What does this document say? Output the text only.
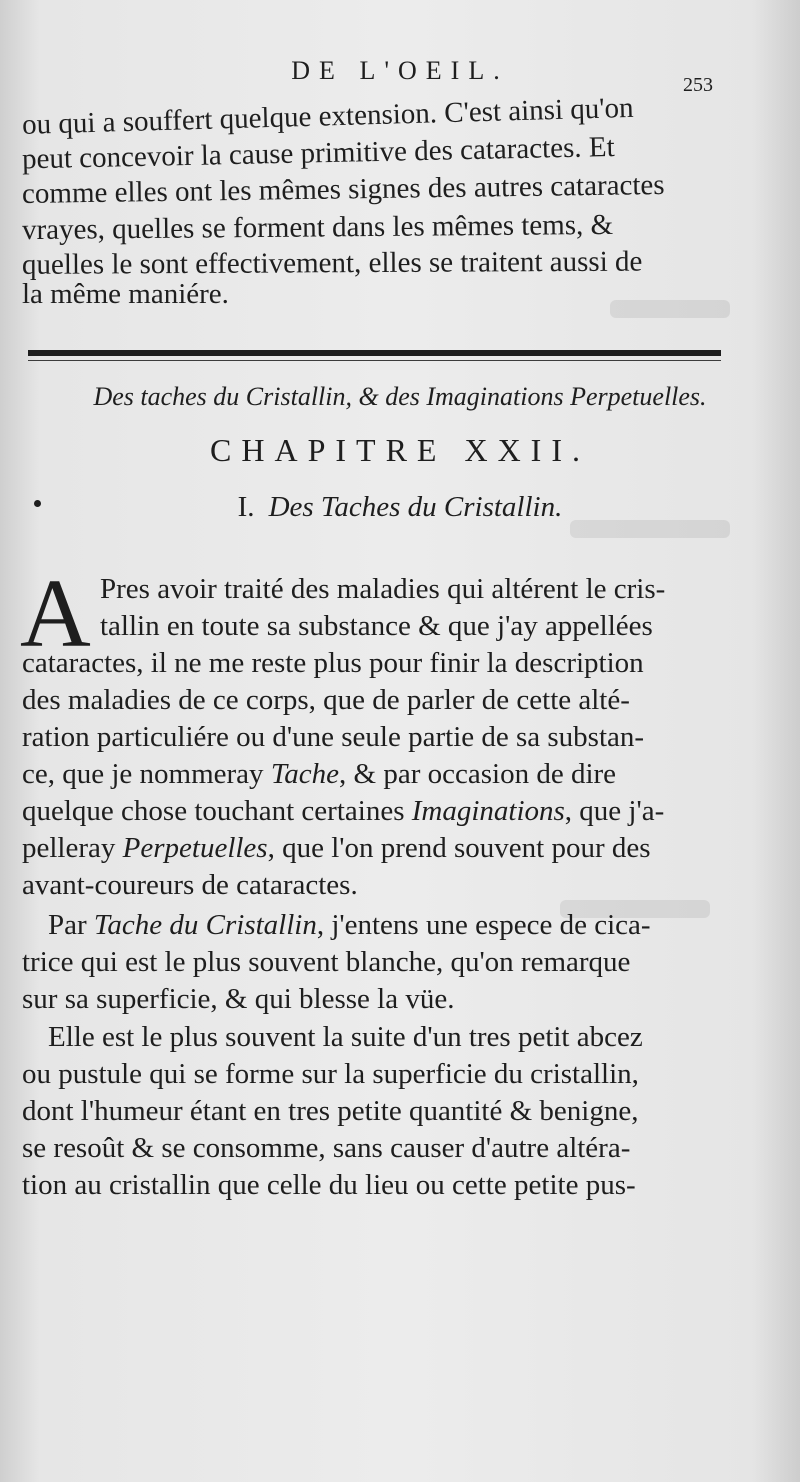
DE L'OEIL.	253
ou qui a souffert quelque extension. C'est ainsi qu'on
peut concevoir la cause primitive des cataractes. Et
comme elles ont les mêmes signes des autres cataractes
vrayes, quelles se forment dans les mêmes tems, &
quelles le sont effectivement, elles se traitent aussi de
la même maniére.
Des taches du Cristallin, & des Imaginations Perpetuelles.
CHAPITRE XXII.
I. Des Taches du Cristallin.
A Pres avoir traité des maladies qui altérent le cris-
tallin en toute sa substance & que j'ay appellées
cataractes, il ne me reste plus pour finir la description
des maladies de ce corps, que de parler de cette alté-
ration particuliére ou d'une seule partie de sa substan-
ce, que je nommeray Tache, & par occasion de dire
quelque chose touchant certaines Imaginations, que j'a-
pelleray Perpetuelles, que l'on prend souvent pour des
avant-coureurs de cataractes.
Par Tache du Cristallin, j'entens une espece de cica-
trice qui est le plus souvent blanche, qu'on remarque
sur sa superficie, & qui blesse la vüe.
Elle est le plus souvent la suite d'un tres petit abcez
ou pustule qui se forme sur la superficie du cristallin,
dont l'humeur étant en tres petite quantité & benigne,
se resoût & se consomme, sans causer d'autre altéra-
tion au cristallin que celle du lieu ou cette petite pus-
